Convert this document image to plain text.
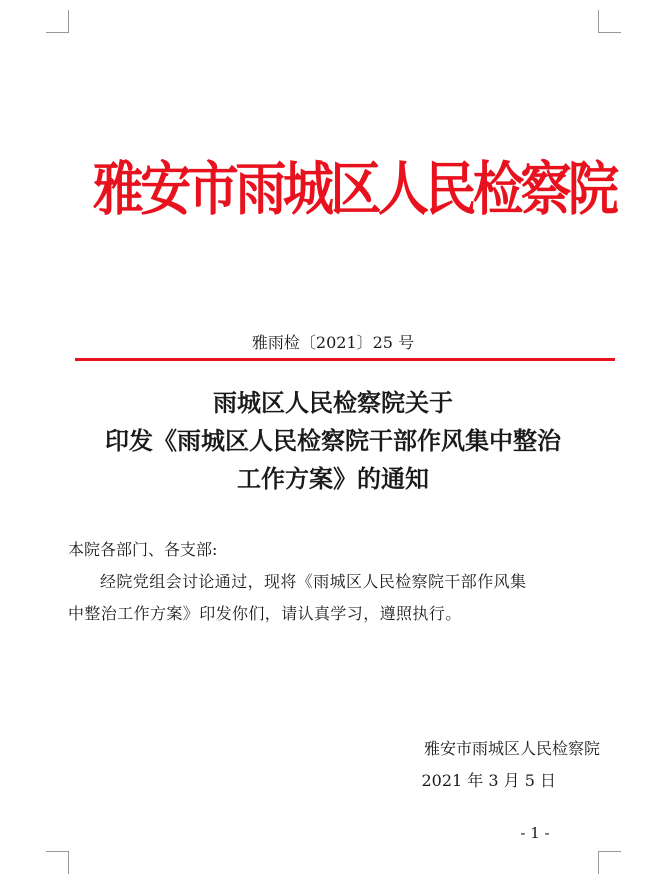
雅安市雨城区人民检察院
雅雨检〔2021〕25 号
雨城区人民检察院关于
印发《雨城区人民检察院干部作风集中整治
工作方案》的通知
本院各部门、各支部:
经院党组会讨论通过，现将《雨城区人民检察院干部作风集
中整治工作方案》印发你们，请认真学习，遵照执行。
雅安市雨城区人民检察院
2021 年 3 月 5 日
- 1 -
